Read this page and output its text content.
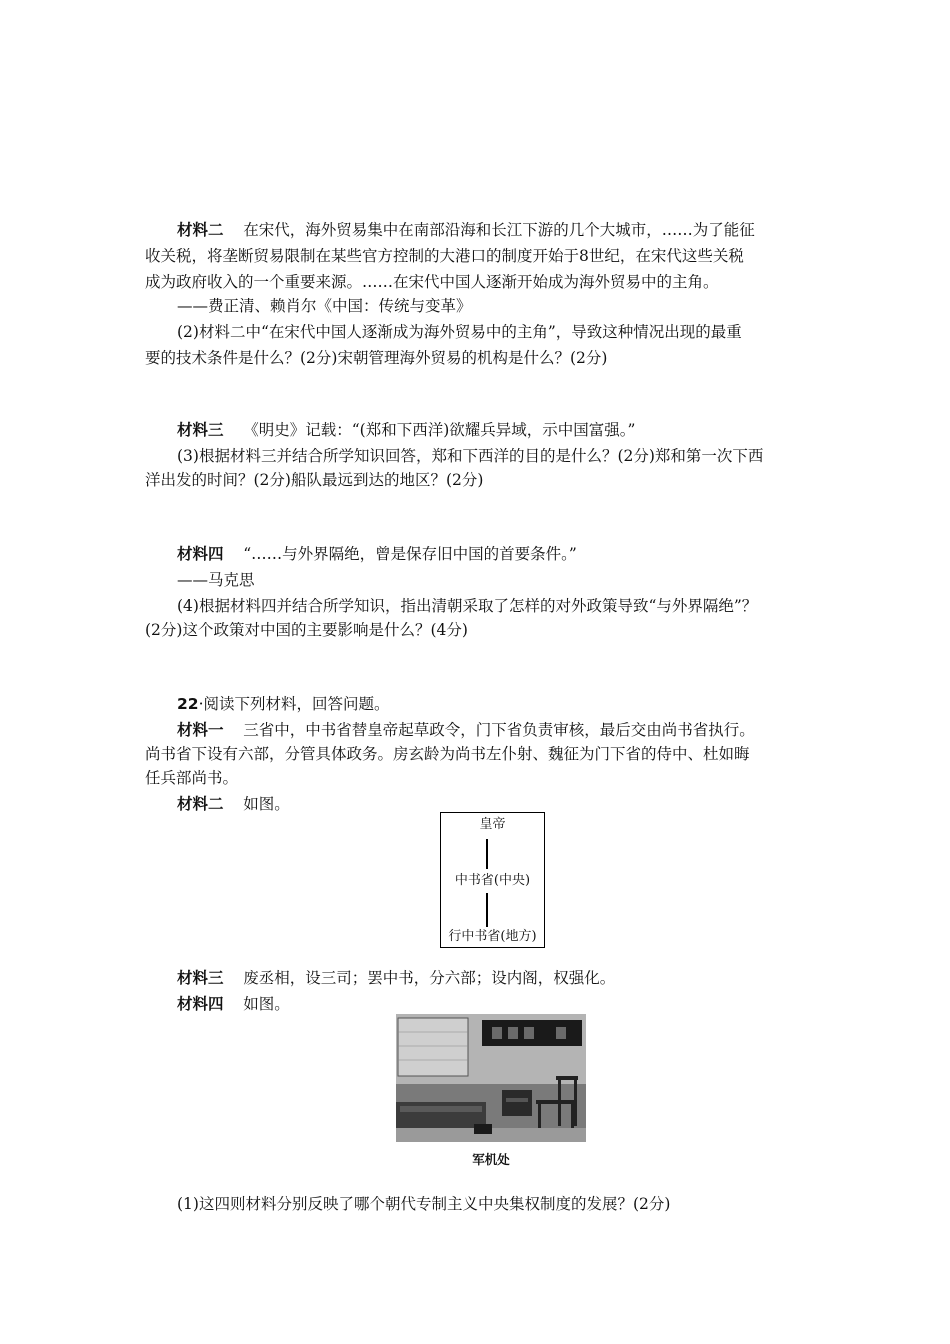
材料二 在宋代，海外贸易集中在南部沿海和长江下游的几个大城市，……为了能征
收关税，将垄断贸易限制在某些官方控制的大港口的制度开始于8世纪，在宋代这些关税
成为政府收入的一个重要来源。……在宋代中国人逐渐开始成为海外贸易中的主角。
——费正清、赖肖尔《中国：传统与变革》
(2)材料二中“在宋代中国人逐渐成为海外贸易中的主角”，导致这种情况出现的最重
要的技术条件是什么？(2分)宋朝管理海外贸易的机构是什么？(2分)
材料三 《明史》记载：“(郑和下西洋)欲耀兵异域，示中国富强。”
(3)根据材料三并结合所学知识回答，郑和下西洋的目的是什么？(2分)郑和第一次下西
洋出发的时间？(2分)船队最远到达的地区？(2分)
材料四 “……与外界隔绝，曾是保存旧中国的首要条件。”
——马克思
(4)根据材料四并结合所学知识，指出清朝采取了怎样的对外政策导致“与外界隔绝”？
(2分)这个政策对中国的主要影响是什么？(4分)
22·阅读下列材料，回答问题。
材料一 三省中，中书省替皇帝起草政令，门下省负责审核，最后交由尚书省执行。
尚书省下设有六部，分管具体政务。房玄龄为尚书左仆射、魏征为门下省的侍中、杜如晦
任兵部尚书。
材料二 如图。
皇帝
中书省(中央)
行中书省(地方)
材料三 废丞相，设三司；罢中书，分六部；设内阁，权强化。
材料四 如图。
军机处
(1)这四则材料分别反映了哪个朝代专制主义中央集权制度的发展？(2分)
